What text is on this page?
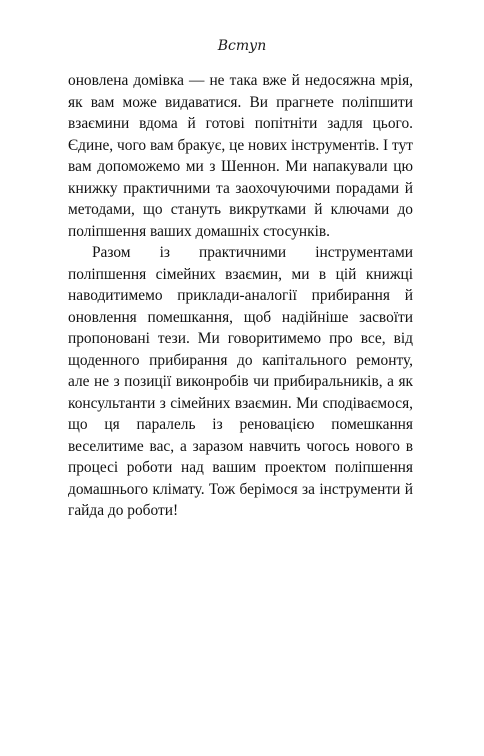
Вступ

оновлена домівка — не така вже й недосяжна мрія, як вам може видаватися. Ви прагнете поліпшити взаємини вдома й готові попітніти задля цього. Єдине, чого вам бракує, це нових інструментів. І тут вам допоможемо ми з Шеннон. Ми напакували цю книжку практичними та заохочуючими порадами й методами, що стануть викрутками й ключами до поліпшення ваших домашніх стосунків.

Разом із практичними інструментами поліпшення сімейних взаємин, ми в цій книжці наводитимемо приклади-аналогії прибирання й оновлення помешкання, щоб надійніше засвоїти пропоновані тези. Ми говоритимемо про все, від щоденного прибирання до капітального ремонту, але не з позиції виконробів чи прибиральників, а як консультанти з сімейних взаємин. Ми сподіваємося, що ця паралель із реновацією помешкання веселитиме вас, а заразом навчить чогось нового в процесі роботи над вашим проектом поліпшення домашнього клімату. Тож берімося за інструменти й гайда до роботи!
